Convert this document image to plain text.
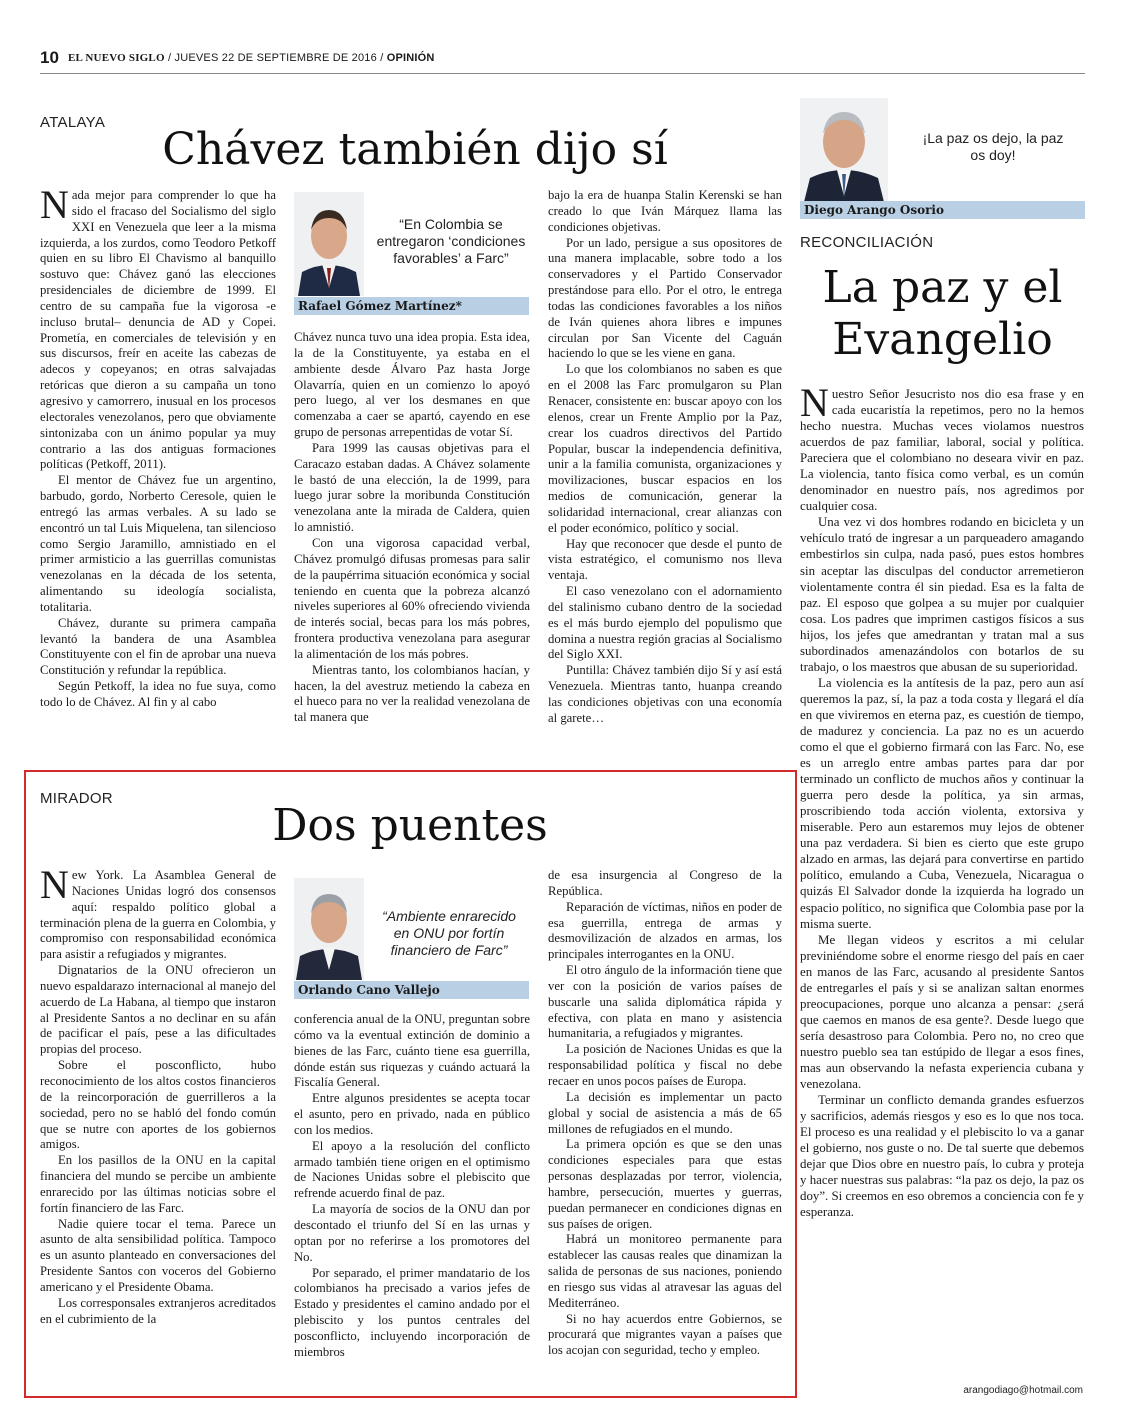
10 EL NUEVO SIGLO / JUEVES 22 DE SEPTIEMBRE DE 2016 / OPINIÓN
ATALAYA
Chávez también dijo sí

Nada mejor para comprender lo que ha sido el fracaso del Socialismo del siglo XXI en Venezuela que leer a la misma izquierda, a los zurdos, como Teodoro Petkoff quien en su libro El Chavismo al banquillo sostuvo que: Chávez ganó las elecciones presidenciales de diciembre de 1999. El centro de su campaña fue la vigorosa -e incluso brutal– denuncia de AD y Copei. Prometía, en comerciales de televisión y en sus discursos, freír en aceite las cabezas de adecos y copeyanos; en otras salvajadas retóricas que dieron a su campaña un tono agresivo y camorrero, inusual en los procesos electorales venezolanos, pero que obviamente sintonizaba con un ánimo popular ya muy contrario a las dos antiguas formaciones políticas (Petkoff, 2011).

El mentor de Chávez fue un argentino, barbudo, gordo, Norberto Ceresole, quien le entregó las armas verbales. A su lado se encontró un tal Luis Miquelena, tan silencioso como Sergio Jaramillo, amnistiado en el primer armisticio a las guerrillas comunistas venezolanas en la década de los setenta, alimentando su ideología socialista, totalitaria.

Chávez, durante su primera campaña levantó la bandera de una Asamblea Constituyente con el fin de aprobar una nueva Constitución y refundar la república.

Según Petkoff, la idea no fue suya, como todo lo de Chávez. Al fin y al cabo

“En Colombia se entregaron ‘condiciones favorables’ a Farc”
Rafael Gómez Martínez*

Chávez nunca tuvo una idea propia. Esta idea, la de la Constituyente, ya estaba en el ambiente desde Álvaro Paz hasta Jorge Olavarría, quien en un comienzo lo apoyó pero luego, al ver los desmanes en que comenzaba a caer se apartó, cayendo en ese grupo de personas arrepentidas de votar Sí.

Para 1999 las causas objetivas para el Caracazo estaban dadas. A Chávez solamente le bastó de una elección, la de 1999, para luego jurar sobre la moribunda Constitución venezolana ante la mirada de Caldera, quien lo amnistió.

Con una vigorosa capacidad verbal, Chávez promulgó difusas promesas para salir de la paupérrima situación económica y social teniendo en cuenta que la pobreza alcanzó niveles superiores al 60% ofreciendo vivienda de interés social, becas para los más pobres, frontera productiva venezolana para asegurar la alimentación de los más pobres.

Mientras tanto, los colombianos hacían, y hacen, la del avestruz metiendo la cabeza en el hueco para no ver la realidad venezolana de tal manera que

bajo la era de huanpa Stalin Kerenski se han creado lo que Iván Márquez llama las condiciones objetivas.

Por un lado, persigue a sus opositores de una manera implacable, sobre todo a los conservadores y el Partido Conservador prestándose para ello. Por el otro, le entrega todas las condiciones favorables a los niños de Iván quienes ahora libres e impunes circulan por San Vicente del Caguán haciendo lo que se les viene en gana.

Lo que los colombianos no saben es que en el 2008 las Farc promulgaron su Plan Renacer, consistente en: buscar apoyo con los elenos, crear un Frente Amplio por la Paz, crear los cuadros directivos del Partido Popular, buscar la independencia definitiva, unir a la familia comunista, organizaciones y movilizaciones, buscar espacios en los medios de comunicación, generar la solidaridad internacional, crear alianzas con el poder económico, político y social.

Hay que reconocer que desde el punto de vista estratégico, el comunismo nos lleva ventaja.

El caso venezolano con el adornamiento del stalinismo cubano dentro de la sociedad es el más burdo ejemplo del populismo que domina a nuestra región gracias al Socialismo del Siglo XXI.

Puntilla: Chávez también dijo Sí y así está Venezuela. Mientras tanto, huanpa creando las condiciones objetivas con una economía al garete…

MIRADOR
Dos puentes

New York. La Asamblea General de Naciones Unidas logró dos consensos aquí: respaldo político global a terminación plena de la guerra en Colombia, y compromiso con responsabilidad económica para asistir a refugiados y migrantes.

Dignatarios de la ONU ofrecieron un nuevo espaldarazo internacional al manejo del acuerdo de La Habana, al tiempo que instaron al Presidente Santos a no declinar en su afán de pacificar el país, pese a las dificultades propias del proceso.

Sobre el posconflicto, hubo reconocimiento de los altos costos financieros de la reincorporación de guerrilleros a la sociedad, pero no se habló del fondo común que se nutre con aportes de los gobiernos amigos.

En los pasillos de la ONU en la capital financiera del mundo se percibe un ambiente enrarecido por las últimas noticias sobre el fortín financiero de las Farc.

Nadie quiere tocar el tema. Parece un asunto de alta sensibilidad política. Tampoco es un asunto planteado en conversaciones del Presidente Santos con voceros del Gobierno americano y el Presidente Obama.

Los corresponsales extranjeros acreditados en el cubrimiento de la

“Ambiente enrarecido en ONU por fortín financiero de Farc”
Orlando Cano Vallejo

conferencia anual de la ONU, preguntan sobre cómo va la eventual extinción de dominio a bienes de las Farc, cuánto tiene esa guerrilla, dónde están sus riquezas y cuándo actuará la Fiscalía General.

Entre algunos presidentes se acepta tocar el asunto, pero en privado, nada en público con los medios.

El apoyo a la resolución del conflicto armado también tiene origen en el optimismo de Naciones Unidas sobre el plebiscito que refrende acuerdo final de paz.

La mayoría de socios de la ONU dan por descontado el triunfo del Sí en las urnas y optan por no referirse a los promotores del No.

Por separado, el primer mandatario de los colombianos ha precisado a varios jefes de Estado y presidentes el camino andado por el plebiscito y los puntos centrales del posconflicto, incluyendo incorporación de miembros

de esa insurgencia al Congreso de la República.

Reparación de víctimas, niños en poder de esa guerrilla, entrega de armas y desmovilización de alzados en armas, los principales interrogantes en la ONU.

El otro ángulo de la información tiene que ver con la posición de varios países de buscarle una salida diplomática rápida y efectiva, con plata en mano y asistencia humanitaria, a refugiados y migrantes.

La posición de Naciones Unidas es que la responsabilidad política y fiscal no debe recaer en unos pocos países de Europa.

La decisión es implementar un pacto global y social de asistencia a más de 65 millones de refugiados en el mundo.

La primera opción es que se den unas condiciones especiales para que estas personas desplazadas por terror, violencia, hambre, persecución, muertes y guerras, puedan permanecer en condiciones dignas en sus países de origen.

Habrá un monitoreo permanente para establecer las causas reales que dinamizan la salida de personas de sus naciones, poniendo en riesgo sus vidas al atravesar las aguas del Mediterráneo.

Si no hay acuerdos entre Gobiernos, se procurará que migrantes vayan a países que los acojan con seguridad, techo y empleo.

¡La paz os dejo, la paz os doy!
Diego Arango Osorio
RECONCILIACIÓN
La paz y el
Evangelio

Nuestro Señor Jesucristo nos dio esa frase y en cada eucaristía la repetimos, pero no la hemos hecho nuestra. Muchas veces violamos nuestros acuerdos de paz familiar, laboral, social y política. Pareciera que el colombiano no deseara vivir en paz. La violencia, tanto física como verbal, es un común denominador en nuestro país, nos agredimos por cualquier cosa.

Una vez vi dos hombres rodando en bicicleta y un vehículo trató de ingresar a un parqueadero amagando embestirlos sin culpa, nada pasó, pues estos hombres sin aceptar las disculpas del conductor arremetieron violentamente contra él sin piedad. Esa es la falta de paz. El esposo que golpea a su mujer por cualquier cosa. Los padres que imprimen castigos físicos a sus hijos, los jefes que amedrantan y tratan mal a sus subordinados amenazándolos con botarlos de su trabajo, o los maestros que abusan de su superioridad.

La violencia es la antítesis de la paz, pero aun así queremos la paz, sí, la paz a toda costa y llegará el día en que viviremos en eterna paz, es cuestión de tiempo, de madurez y conciencia. La paz no es un acuerdo como el que el gobierno firmará con las Farc. No, ese es un arreglo entre ambas partes para dar por terminado un conflicto de muchos años y continuar la guerra pero desde la política, ya sin armas, proscribiendo toda acción violenta, extorsiva y miserable. Pero aun estaremos muy lejos de obtener una paz verdadera. Si bien es cierto que este grupo alzado en armas, las dejará para convertirse en partido político, emulando a Cuba, Venezuela, Nicaragua o quizás El Salvador donde la izquierda ha logrado un espacio político, no significa que Colombia pase por la misma suerte.

Me llegan videos y escritos a mi celular previniéndome sobre el enorme riesgo del país en caer en manos de las Farc, acusando al presidente Santos de entregarles el país y si se analizan saltan enormes preocupaciones, porque uno alcanza a pensar: ¿será que caemos en manos de esa gente?. Desde luego que sería desastroso para Colombia. Pero no, no creo que nuestro pueblo sea tan estúpido de llegar a esos fines, mas aun observando la nefasta experiencia cubana y venezolana.

Terminar un conflicto demanda grandes esfuerzos y sacrificios, además riesgos y eso es lo que nos toca. El proceso es una realidad y el plebiscito lo va a ganar el gobierno, nos guste o no. De tal suerte que debemos dejar que Dios obre en nuestro país, lo cubra y proteja y hacer nuestras sus palabras: “la paz os dejo, la paz os doy”. Si creemos en eso obremos a conciencia con fe y esperanza.

arangodiago@hotmail.com
